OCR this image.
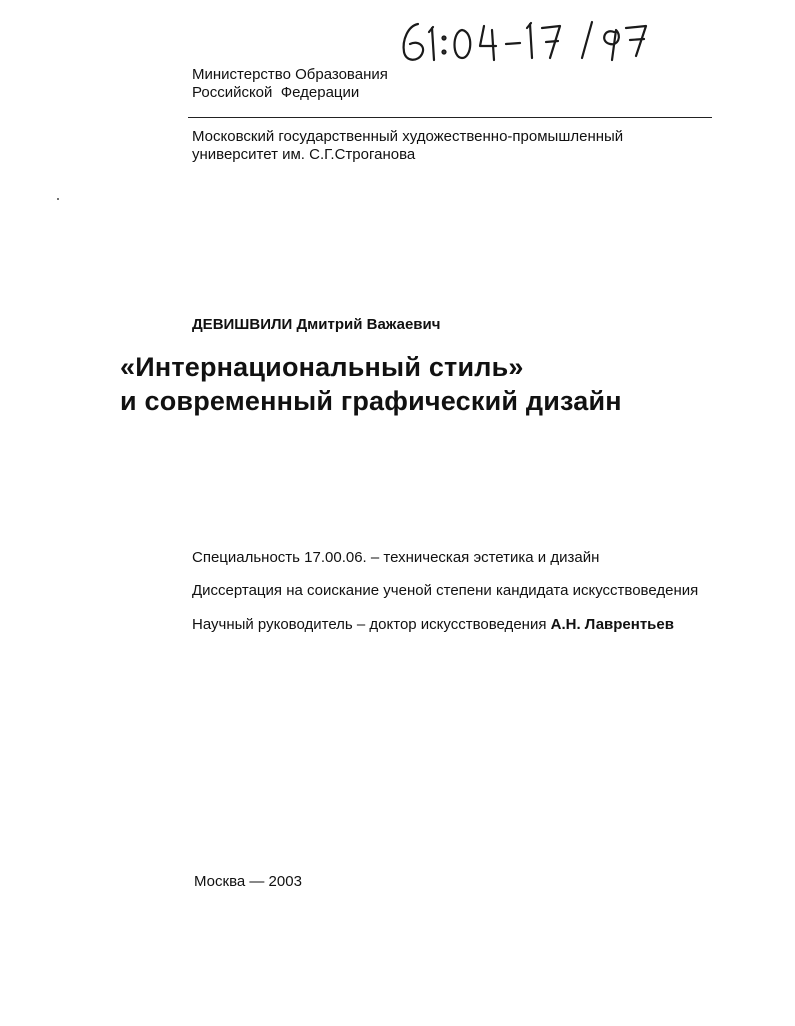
Министерство Образования
Российской  Федерации
Московский государственный художественно-промышленный
университет им. С.Г.Строганова
ДЕВИШВИЛИ Дмитрий Важаевич
«Интернациональный стиль»
и современный графический дизайн
Специальность 17.00.06. – техническая эстетика и дизайн
Диссертация на соискание ученой степени кандидата искусствоведения
Научный руководитель – доктор искусствоведения А.Н. Лаврентьев
Москва — 2003
